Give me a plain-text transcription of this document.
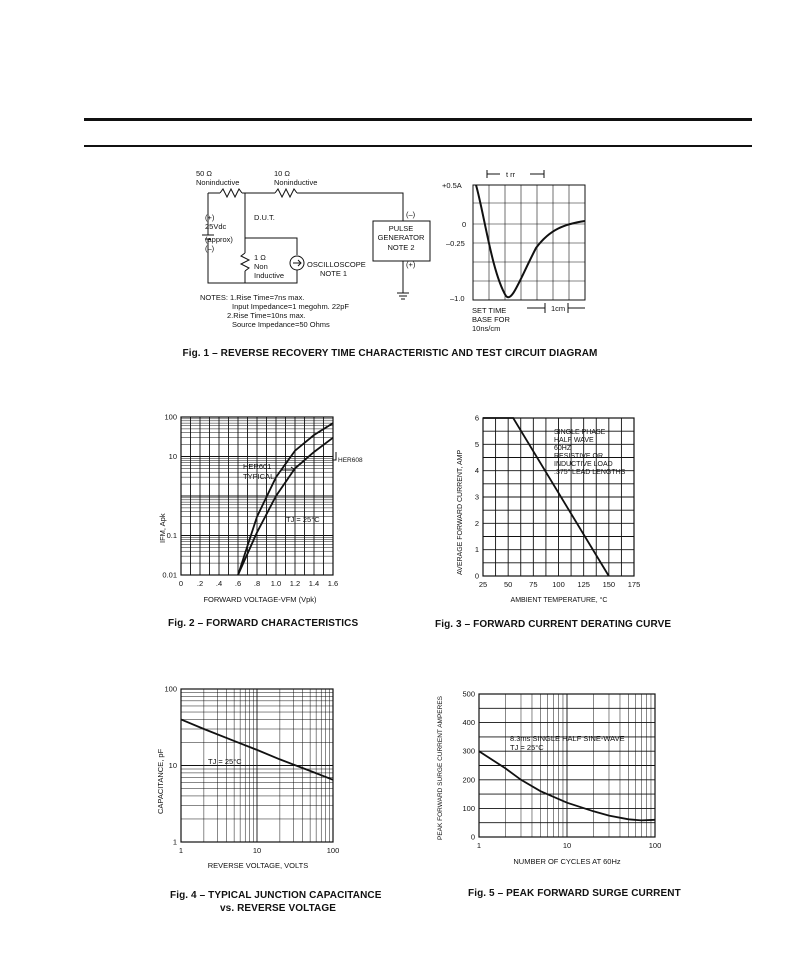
50 Ω
Noninductive
10 Ω
Noninductive
(+)
25Vdc
(approx)
(–)
D.U.T.
1 Ω
Non
Inductive
OSCILLOSCOPE
NOTE 1
(–)
PULSE
GENERATOR
NOTE 2
(+)
NOTES: 1.Rise Time=7ns max.
Input Impedance=1 megohm. 22pF
2.Rise Time=10ns max.
Source Impedance=50 Ohms
t rr
+0.5A
0
–0.25
–1.0
SET TIME
BASE FOR
10ns/cm
1cm
Fig. 1 – REVERSE RECOVERY TIME CHARACTERISTIC AND TEST CIRCUIT DIAGRAM
IFM, Apk
FORWARD VOLTAGE-VFM (Vpk)
HER601
TYPICAL
HER608
TJ = 25°C
0 .2 .4 .6 .8 1.0 1.2 1.4 1.6
100
10
0.1
0.01
Fig. 2 – FORWARD CHARACTERISTICS
AVERAGE FORWARD CURRENT, AMP
AMBIENT TEMPERATURE, °C
SINGLE PHASE
HALF WAVE
60HZ
RESISTIVE OR
INDUCTIVE LOAD
.375" LEAD LENGTHS
25 50 75 100 125 150 175
0
1
2
3
4
5
6
Fig. 3 – FORWARD CURRENT DERATING CURVE
CAPACITANCE, pF
REVERSE VOLTAGE, VOLTS
TJ = 25°C
1	10	100
100
10
1
Fig. 4 – TYPICAL JUNCTION CAPACITANCE
vs. REVERSE VOLTAGE
PEAK FORWARD SURGE CURRENT AMPERES
NUMBER OF CYCLES AT 60Hz
8.3ms SINGLE HALF SINE-WAVE
TJ = 25°C
1	10	100
500
400
300
200
100
0
Fig. 5 – PEAK FORWARD SURGE CURRENT
